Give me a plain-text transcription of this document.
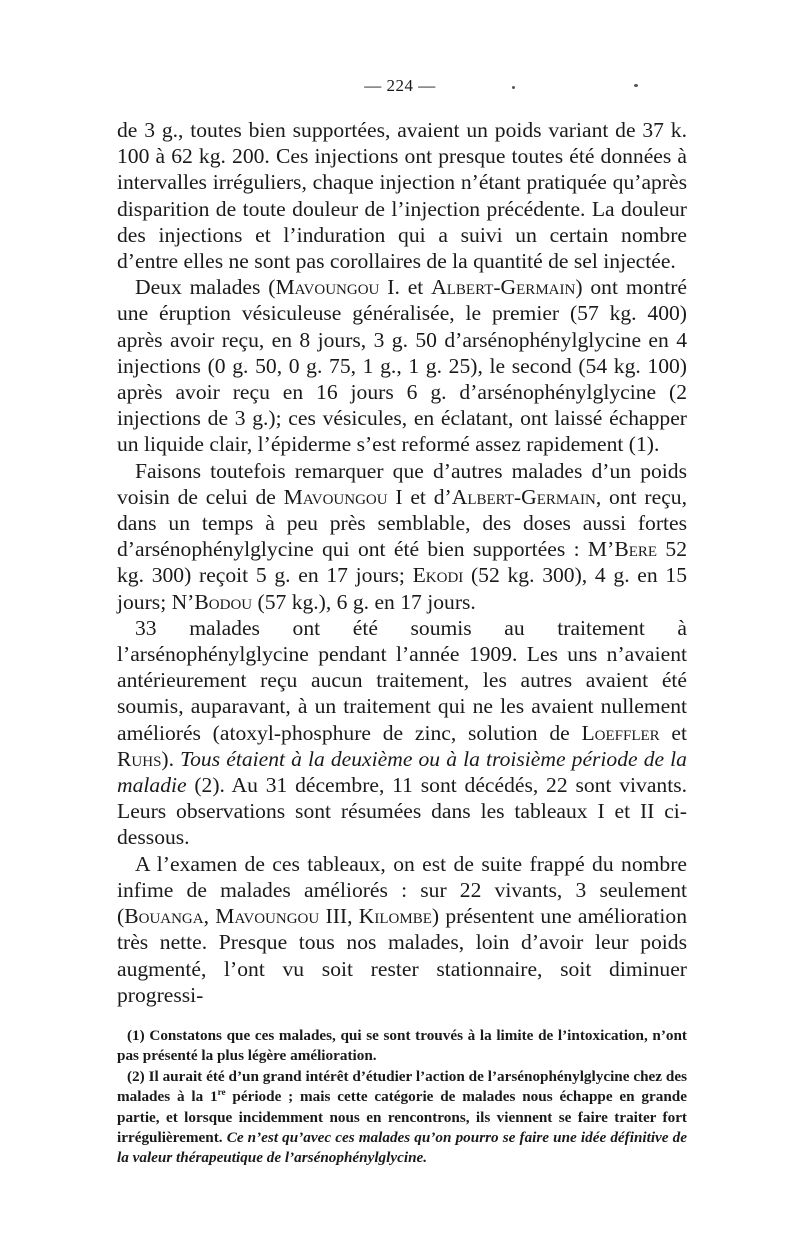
— 224 —

de 3 g., toutes bien supportées, avaient un poids variant de 37 k. 100 à 62 kg. 200. Ces injections ont presque toutes été données à intervalles irréguliers, chaque injection n’étant pratiquée qu’après disparition de toute douleur de l’injection précédente. La douleur des injections et l’induration qui a suivi un certain nombre d’entre elles ne sont pas corollaires de la quantité de sel injectée.

Deux malades (Mavoungou I. et Albert-Germain) ont montré une éruption vésiculeuse généralisée, le premier (57 kg. 400) après avoir reçu, en 8 jours, 3 g. 50 d’arsénophénylglycine en 4 injections (0 g. 50, 0 g. 75, 1 g., 1 g. 25), le second (54 kg. 100) après avoir reçu en 16 jours 6 g. d’arsénophénylglycine (2 injections de 3 g.); ces vésicules, en éclatant, ont laissé échapper un liquide clair, l’épiderme s’est reformé assez rapidement (1).

Faisons toutefois remarquer que d’autres malades d’un poids voisin de celui de Mavoungou I et d’Albert-Germain, ont reçu, dans un temps à peu près semblable, des doses aussi fortes d’arsénophénylglycine qui ont été bien supportées : M’Bere 52 kg. 300) reçoit 5 g. en 17 jours; Ekodi (52 kg. 300), 4 g. en 15 jours; N’Bodou (57 kg.), 6 g. en 17 jours.

33 malades ont été soumis au traitement à l’arsénophénylglycine pendant l’année 1909. Les uns n’avaient antérieurement reçu aucun traitement, les autres avaient été soumis, auparavant, à un traitement qui ne les avaient nullement améliorés (atoxyl-phosphure de zinc, solution de Loeffler et Ruhs). Tous étaient à la deuxième ou à la troisième période de la maladie (2). Au 31 décembre, 11 sont décédés, 22 sont vivants. Leurs observations sont résumées dans les tableaux I et II ci-dessous.

A l’examen de ces tableaux, on est de suite frappé du nombre infime de malades améliorés : sur 22 vivants, 3 seulement (Bouanga, Mavoungou III, Kilombe) présentent une amélioration très nette. Presque tous nos malades, loin d’avoir leur poids augmenté, l’ont vu soit rester stationnaire, soit diminuer progressi-

(1) Constatons que ces malades, qui se sont trouvés à la limite de l’intoxication, n’ont pas présenté la plus légère amélioration.

(2) Il aurait été d’un grand intérêt d’étudier l’action de l’arsénophénylglycine chez des malades à la 1re période ; mais cette catégorie de malades nous échappe en grande partie, et lorsque incidemment nous en rencontrons, ils viennent se faire traiter fort irrégulièrement. Ce n’est qu’avec ces malades qu’on pourro se faire une idée définitive de la valeur thérapeutique de l’arsénophénylglycine.
